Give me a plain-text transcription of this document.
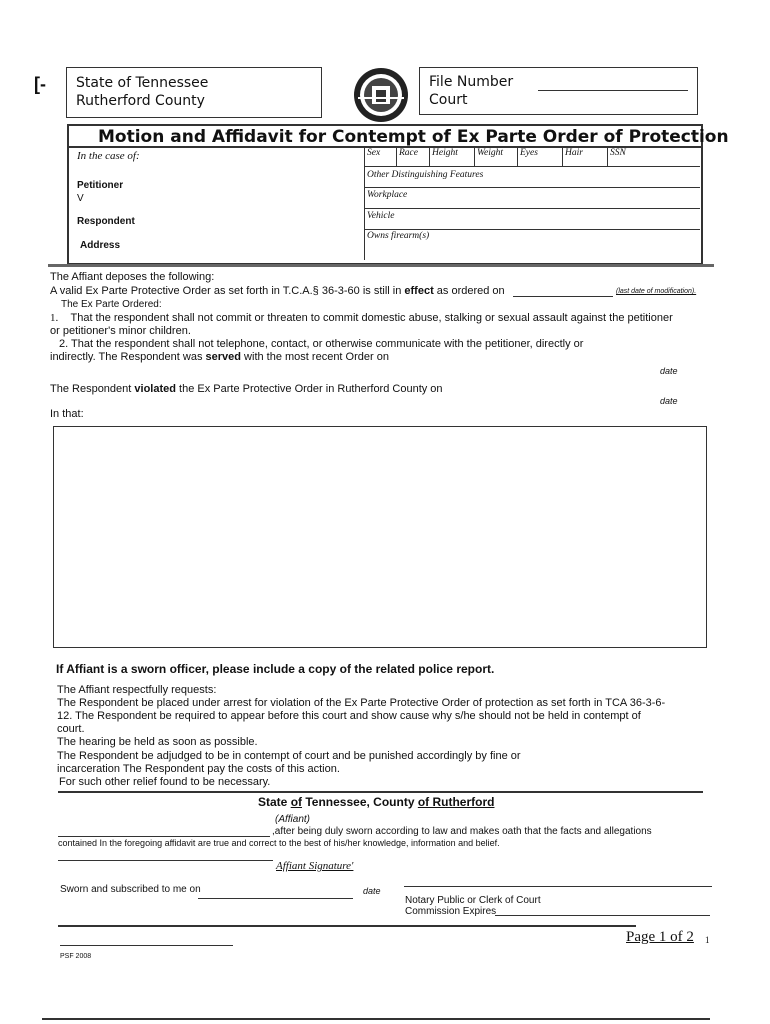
[- State of Tennessee
Rutherford County
File Number
Court
Motion and Affidavit for Contempt of Ex Parte Order of Protection
In the case of:
Petitioner
V
Respondent
Address
Sex Race Height Weight Eyes	Hair	SSN
Other Distinguishing Features
Workplace
Vehicle
Owns firearm(s)
The Affiant deposes the following:
A valid Ex Parte Protective Order as set forth in T.C.A.§ 36-3-60 is still in effect as ordered on	(last date of modification).
The Ex Parte Ordered:
1. That the respondent shall not commit or threaten to commit domestic abuse, stalking or sexual assault against the petitioner
or petitioner's minor children.
2. That the respondent shall not telephone, contact, or otherwise communicate with the petitioner, directly or
indirectly. The Respondent was served with the most recent Order on
date
The Respondent violated the Ex Parte Protective Order in Rutherford County on
date
In that:
If Affiant is a sworn officer, please include a copy of the related police report.
The Affiant respectfully requests:
The Respondent be placed under arrest for violation of the Ex Parte Protective Order of protection as set forth in TCA 36-3-6-
12. The Respondent be required to appear before this court and show cause why s/he should not be held in contempt of
court.
The hearing be held as soon as possible.
The Respondent be adjudged to be in contempt of court and be punished accordingly by fine or
incarceration The Respondent pay the costs of this action.
For such other relief found to be necessary.
State of Tennessee, County of Rutherford
(Affiant)
,after being duly sworn according to law and makes oath that the facts and allegations
contained In the foregoing affidavit are true and correct to the best of his/her knowledge, information and belief.
Affiant Signature'
Sworn and subscribed to me on	date
Notary Public or Clerk of Court
Commission Expires
Page 1 of 2 1
PSF 2008
